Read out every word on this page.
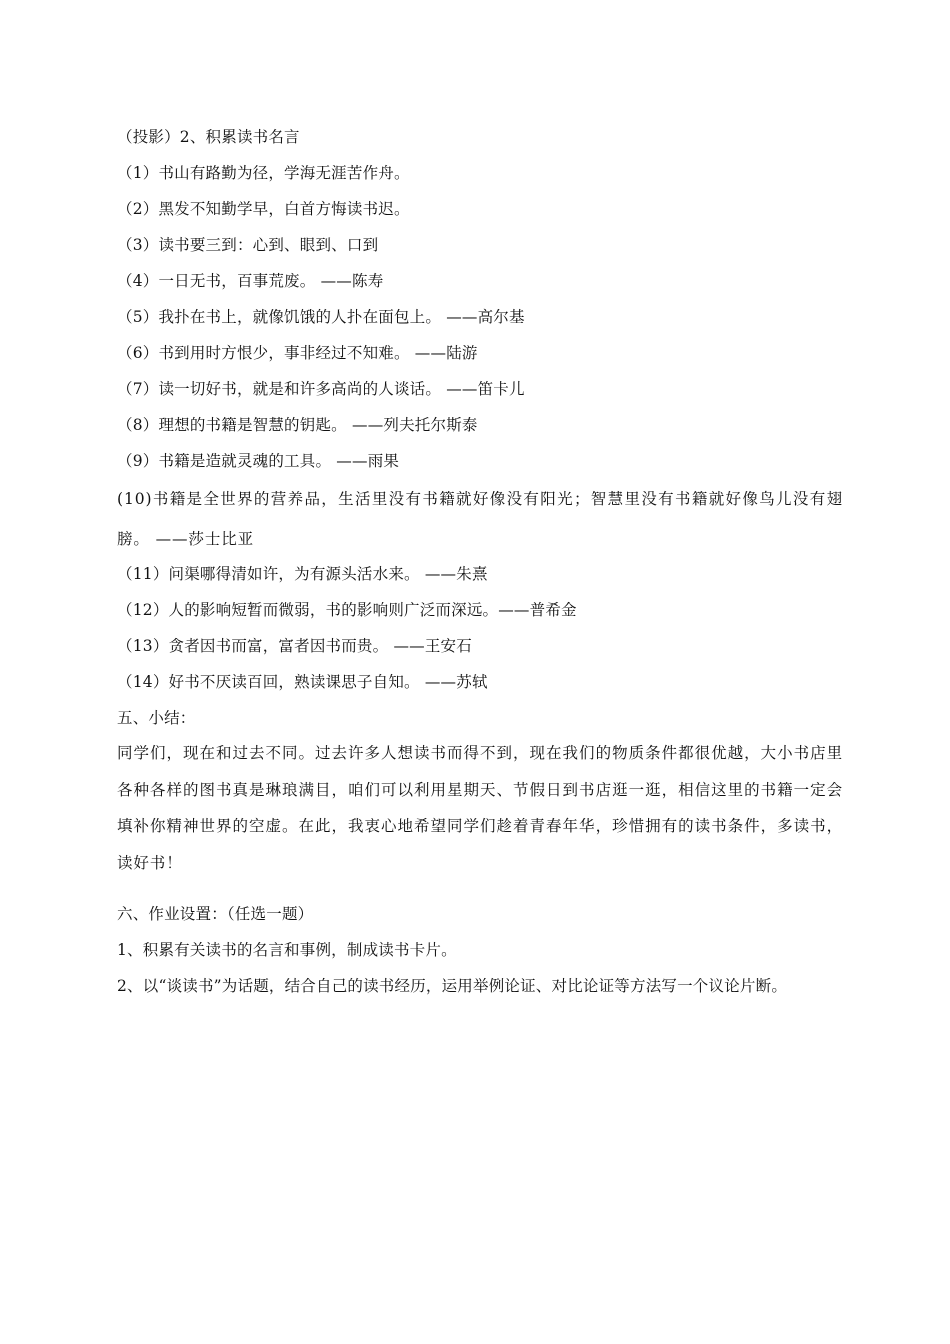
（投影）2、积累读书名言
（1）书山有路勤为径，学海无涯苦作舟。
（2）黑发不知勤学早，白首方悔读书迟。
（3）读书要三到：心到、眼到、口到
（4）一日无书，百事荒废。 ——陈寿
（5）我扑在书上，就像饥饿的人扑在面包上。 ——高尔基
（6）书到用时方恨少，事非经过不知难。 ——陆游
（7）读一切好书，就是和许多高尚的人谈话。 ——笛卡儿
（8）理想的书籍是智慧的钥匙。 ——列夫托尔斯泰
（9）书籍是造就灵魂的工具。 ——雨果
(10)书籍是全世界的营养品，生活里没有书籍就好像没有阳光；智慧里没有书籍就好像鸟儿没有翅膀。 ——莎士比亚
（11）问渠哪得清如许，为有源头活水来。 ——朱熹
（12）人的影响短暂而微弱，书的影响则广泛而深远。——普希金
（13）贪者因书而富，富者因书而贵。 ——王安石
（14）好书不厌读百回，熟读课思子自知。 ——苏轼
五、小结：
同学们，现在和过去不同。过去许多人想读书而得不到，现在我们的物质条件都很优越，大小书店里各种各样的图书真是琳琅满目，咱们可以利用星期天、节假日到书店逛一逛，相信这里的书籍一定会填补你精神世界的空虚。在此，我衷心地希望同学们趁着青春年华，珍惜拥有的读书条件，多读书，读好书！
六、作业设置：（任选一题）
1、积累有关读书的名言和事例，制成读书卡片。
2、以“谈读书”为话题，结合自己的读书经历，运用举例论证、对比论证等方法写一个议论片断。
